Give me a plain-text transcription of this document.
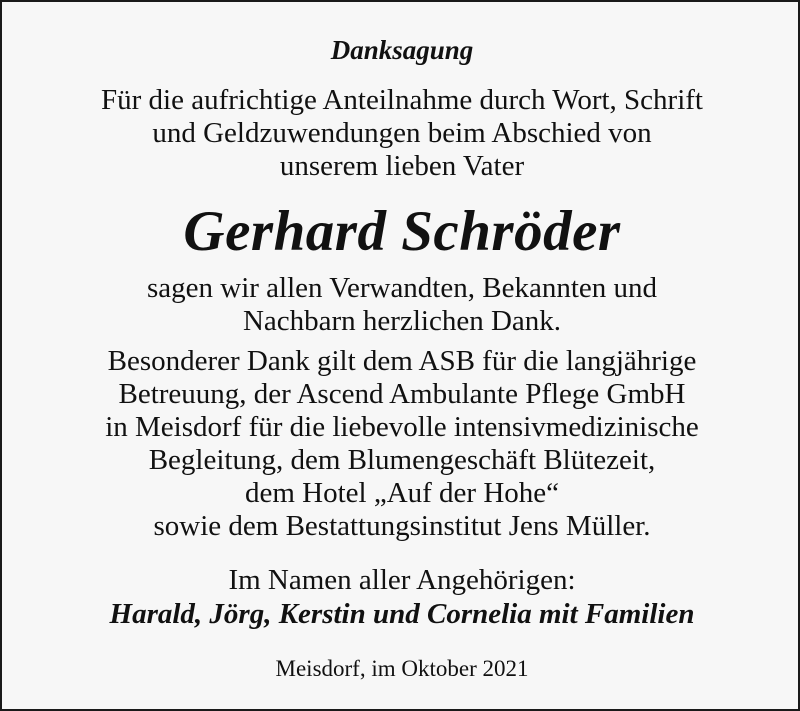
Danksagung
Für die aufrichtige Anteilnahme durch Wort, Schrift
und Geldzuwendungen beim Abschied von
unserem lieben Vater
Gerhard Schröder
sagen wir allen Verwandten, Bekannten und
Nachbarn herzlichen Dank.
Besonderer Dank gilt dem ASB für die langjährige
Betreuung, der Ascend Ambulante Pflege GmbH
in Meisdorf für die liebevolle intensivmedizinische
Begleitung, dem Blumengeschäft Blütezeit,
dem Hotel „Auf der Hohe“
sowie dem Bestattungsinstitut Jens Müller.
Im Namen aller Angehörigen:
Harald, Jörg, Kerstin und Cornelia mit Familien
Meisdorf, im Oktober 2021
